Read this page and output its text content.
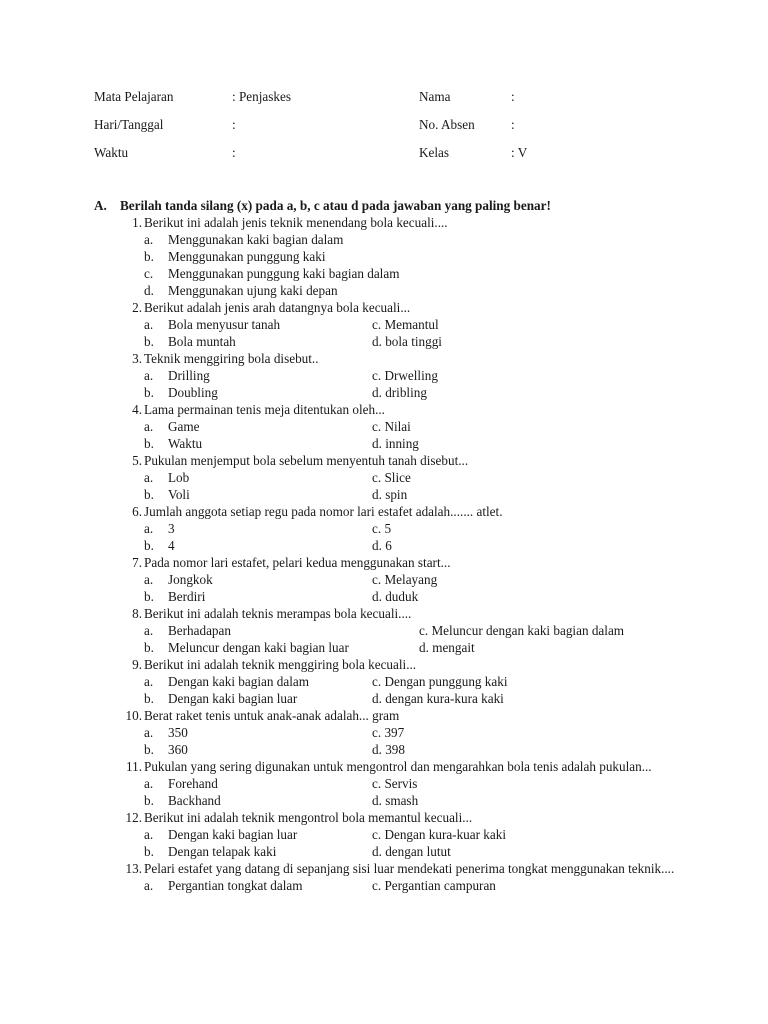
Mata Pelajaran	: Penjaskes	Nama	:
Hari/Tanggal	:	No. Absen	:
Waktu	:	Kelas	: V
A. Berilah tanda silang (x) pada a, b, c atau d pada jawaban yang paling benar!
1. Berikut ini adalah jenis teknik menendang bola kecuali....
a.	Menggunakan kaki bagian dalam
b.	Menggunakan punggung kaki
c.	Menggunakan punggung kaki bagian dalam
d.	Menggunakan ujung kaki depan
2. Berikut adalah jenis arah datangnya bola kecuali...
a.	Bola menyusur tanah	c. Memantul
b.	Bola muntah	d. bola tinggi
3. Teknik menggiring bola disebut..
a.	Drilling	c. Drwelling
b.	Doubling	d. dribling
4. Lama permainan tenis meja ditentukan oleh...
a.	Game	c. Nilai
b.	Waktu	d. inning
5. Pukulan menjemput bola sebelum menyentuh tanah disebut...
a.	Lob	c. Slice
b.	Voli	d. spin
6. Jumlah anggota setiap regu pada nomor lari estafet adalah....... atlet.
a.	3	c. 5
b.	4	d. 6
7. Pada nomor lari estafet, pelari kedua menggunakan start...
a.	Jongkok	c. Melayang
b.	Berdiri	d. duduk
8. Berikut ini adalah teknis merampas bola kecuali....
a.	Berhadapan	c. Meluncur dengan kaki bagian dalam
b.	Meluncur dengan kaki bagian luar	d. mengait
9. Berikut ini adalah teknik menggiring bola kecuali...
a.	Dengan kaki bagian dalam	c. Dengan punggung kaki
b.	Dengan kaki bagian luar	d. dengan kura-kura kaki
10. Berat raket tenis untuk anak-anak adalah... gram
a.	350	c. 397
b.	360	d. 398
11. Pukulan yang sering digunakan untuk mengontrol dan mengarahkan bola tenis adalah pukulan...
a.	Forehand	c. Servis
b.	Backhand	d. smash
12. Berikut ini adalah teknik mengontrol bola memantul kecuali...
a.	Dengan kaki bagian luar	c. Dengan kura-kuar kaki
b.	Dengan telapak kaki	d. dengan lutut
13. Pelari estafet yang datang di sepanjang sisi luar mendekati penerima tongkat menggunakan teknik....
a.	Pergantian tongkat dalam	c. Pergantian campuran
